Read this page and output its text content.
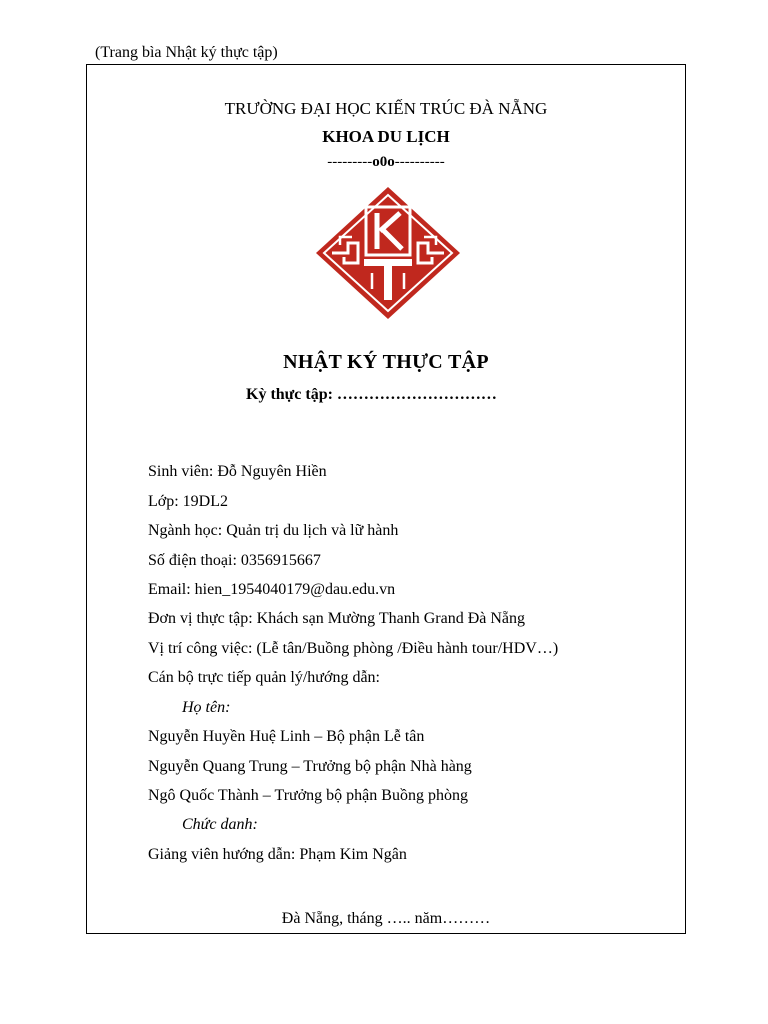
(Trang bìa Nhật ký thực tập)
TRƯỜNG ĐẠI HỌC KIẾN TRÚC ĐÀ NẴNG
KHOA DU LỊCH
---------o0o----------
NHẬT KÝ THỰC TẬP
Kỳ thực tập: …………………………
Sinh viên: Đỗ Nguyên Hiền
Lớp: 19DL2
Ngành học: Quản trị du lịch và lữ hành
Số điện thoại: 0356915667
Email: hien_1954040179@dau.edu.vn
Đơn vị thực tập: Khách sạn Mường Thanh Grand Đà Nẵng
Vị trí công việc: (Lễ tân/Buồng phòng /Điều hành tour/HDV…)
Cán bộ trực tiếp quản lý/hướng dẫn:
Họ tên:
Nguyễn Huyền Huệ Linh – Bộ phận Lễ tân
Nguyễn Quang Trung – Trưởng bộ phận Nhà hàng
Ngô Quốc Thành – Trưởng bộ phận Buồng phòng
Chức danh:
Giảng viên hướng dẫn: Phạm Kim Ngân
Đà Nẵng, tháng ….. năm………
